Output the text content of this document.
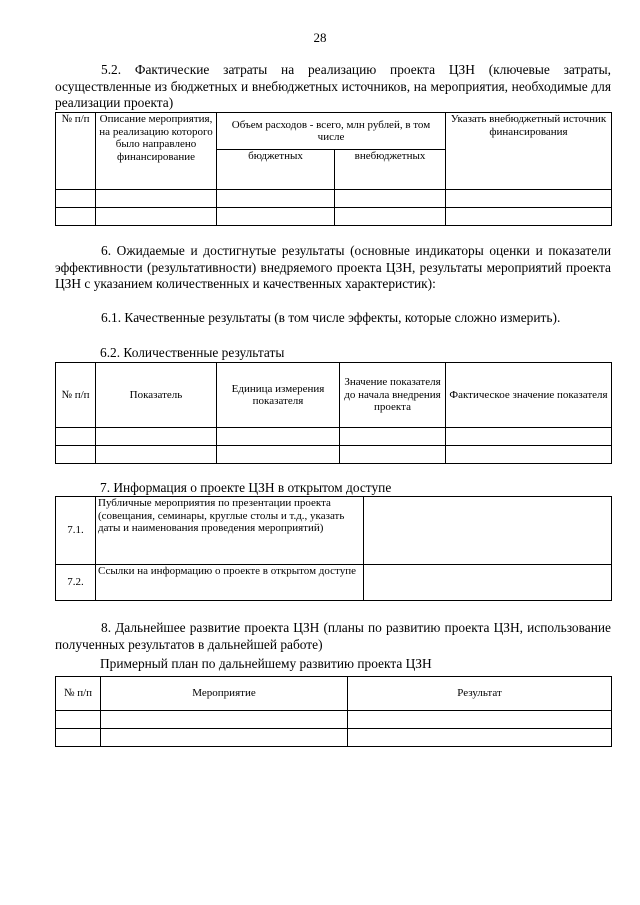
28
5.2. Фактические затраты на реализацию проекта ЦЗН (ключевые затраты, осуществленные из бюджетных и внебюджетных источников, на мероприятия, необходимые для реализации проекта)
№ п/п	Описание мероприятия, на реализацию которого было направлено финансирование	Объем расходов - всего, млн рублей, в том числе		Указать внебюджетный источник финансирования
		бюджетных	внебюджетных	

6. Ожидаемые и достигнутые результаты (основные индикаторы оценки и показатели эффективности (результативности) внедряемого проекта ЦЗН, результаты мероприятий проекта ЦЗН с указанием количественных и качественных характеристик):
6.1. Качественные результаты (в том числе эффекты, которые сложно измерить).
6.2. Количественные результаты
№ п/п	Показатель	Единица измерения показателя	Значение показателя до начала внедрения проекта	Фактическое значение показателя

7. Информация о проекте ЦЗН в открытом доступе
7.1.	Публичные мероприятия по презентации проекта (совещания, семинары, круглые столы и т.д., указать даты и наименования проведения мероприятий)	
7.2.	Ссылки на информацию о проекте в открытом доступе	
8. Дальнейшее развитие проекта ЦЗН (планы по развитию проекта ЦЗН, использование полученных результатов в дальнейшей работе)
Примерный план по дальнейшему развитию проекта ЦЗН
№ п/п	Мероприятие	Результат
